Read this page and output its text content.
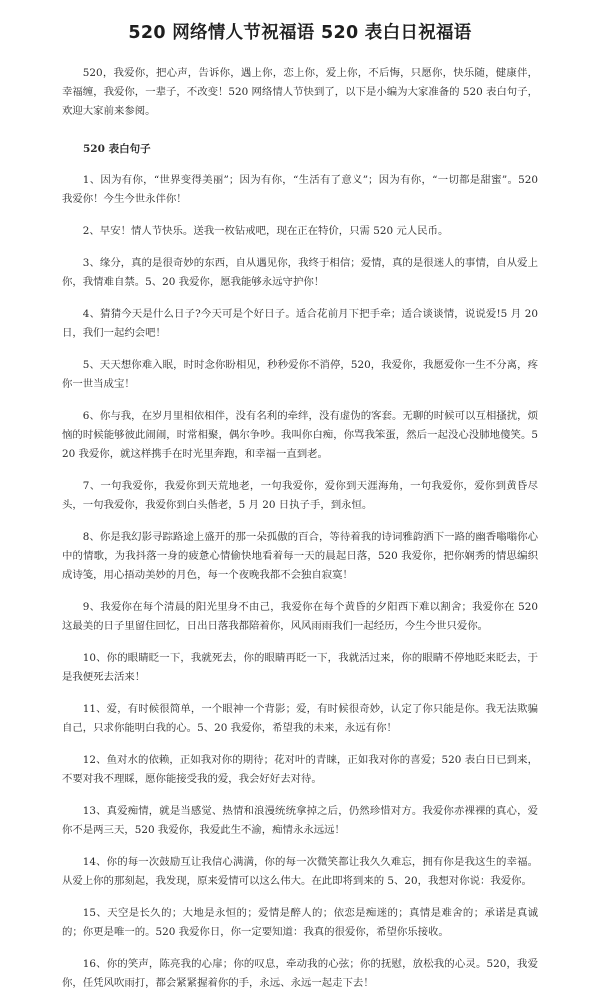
520 网络情人节祝福语 520 表白日祝福语

520，我爱你，把心声，告诉你，遇上你，恋上你，爱上你，不后悔，只愿你，快乐随，健康伴，幸福缠，我爱你，一辈子，不改变！520 网络情人节快到了，以下是小编为大家准备的 520 表白句子，欢迎大家前来参阅。

520 表白句子

1、因为有你，“世界变得美丽”；因为有你，“生活有了意义”；因为有你，“一切都是甜蜜”。520 我爱你！今生今世永伴你！

2、早安！情人节快乐。送我一枚钻戒吧，现在正在特价，只需 520 元人民币。

3、缘分，真的是很奇妙的东西，自从遇见你，我终于相信；爱情，真的是很迷人的事情，自从爱上你，我情难自禁。5、20 我爱你，愿我能够永远守护你！

4、猜猜今天是什么日子?今天可是个好日子。适合花前月下把手牵；适合谈谈情，说说爱!5 月 20 日，我们一起约会吧！

5、天天想你难入眠，时时念你盼相见，秒秒爱你不消停，520，我爱你，我愿爱你一生不分离，疼你一世当成宝！

6、你与我，在岁月里相依相伴，没有名利的牵绊，没有虚伪的客套。无聊的时候可以互相搔扰，烦恼的时候能够彼此闹闹，时常相聚，偶尔争吵。我叫你白痴，你骂我笨蛋，然后一起没心没肺地傻笑。520 我爱你，就这样携手在时光里奔跑，和幸福一直到老。

7、一句我爱你，我爱你到天荒地老，一句我爱你，爱你到天涯海角，一句我爱你，爱你到黄昏尽头，一句我爱你，我爱你到白头偕老，5 月 20 日执子手，到永恒。

8、你是我幻影寻踪路途上盛开的那一朵孤傲的百合，等待着我的诗词雅韵洒下一路的幽香嗡嗡你心中的情歌，为我抖落一身的疲惫心情偷快地看着每一天的晨起日落，520 我爱你，把你娴秀的情思编织成诗笺，用心捂动美妙的月色，每一个夜晚我都不会独自寂寞！

9、我爱你在每个清晨的阳光里身不由己，我爱你在每个黄昏的夕阳西下难以割舍；我爱你在 520 这最美的日子里留住回忆，日出日落我都陪着你，风风雨雨我们一起经历，今生今世只爱你。

10、你的眼睛眨一下，我就死去，你的眼睛再眨一下，我就活过来，你的眼睛不停地眨来眨去，于是我便死去活来！

11、爱，有时候很简单，一个眼神一个背影；爱，有时候很奇妙，认定了你只能是你。我无法欺骗自己，只求你能明白我的心。5、20 我爱你，希望我的未来，永远有你！

12、鱼对水的依赖，正如我对你的期待；花对叶的青睐，正如我对你的喜爱；520 表白日已到来，不要对我不理睬，愿你能接受我的爱，我会好好去对待。

13、真爱痴情，就是当感觉、热情和浪漫统统拿掉之后，仍然珍惜对方。我爱你赤裸裸的真心，爱你不是两三天，520 我爱你，我爱此生不渝，痴情永永远远！

14、你的每一次鼓励互让我信心满满，你的每一次微笑都让我久久难忘，拥有你是我这生的幸福。从爱上你的那刻起，我发现，原来爱情可以这么伟大。在此即将到来的 5、20，我想对你说：我爱你。

15、天空是长久的；大地是永恒的；爱情是醉人的；依恋是痴迷的；真情是难舍的；承诺是真诚的；你更是唯一的。520 我爱你日，你一定要知道：我真的很爱你，希望你乐接收。

16、你的笑声，陈亮我的心扉；你的叹息，牵动我的心弦；你的抚慰，放松我的心灵。520，我爱你，任凭风吹雨打，都会紧紧握着你的手，永远、永远一起走下去！
